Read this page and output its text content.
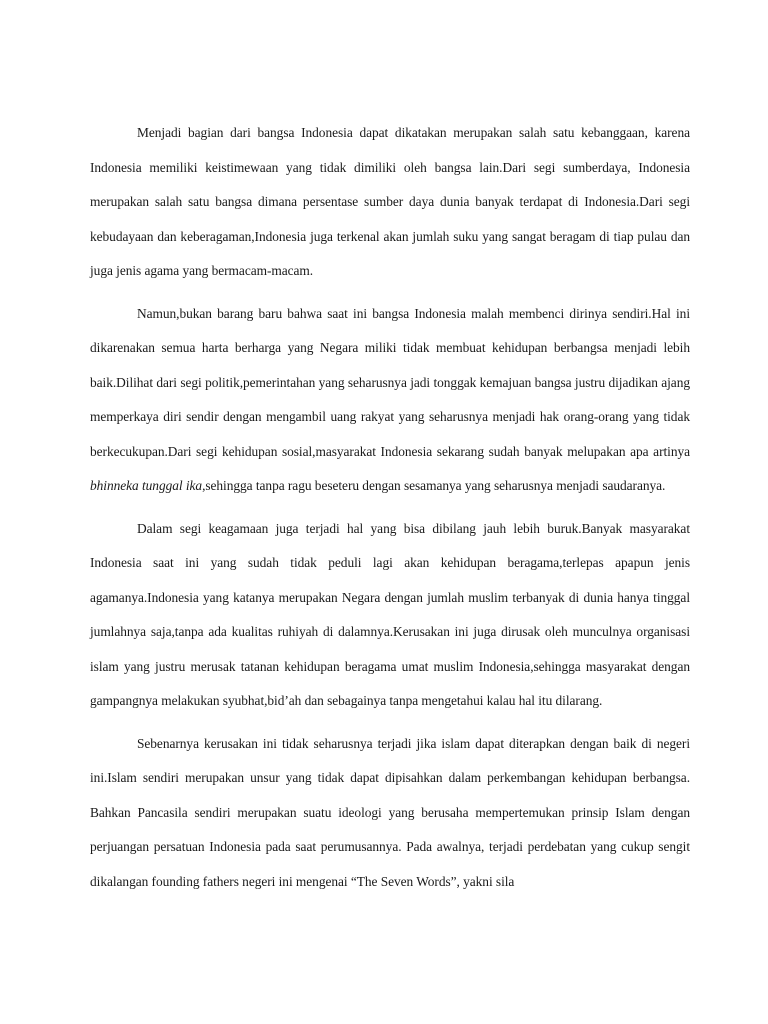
Menjadi bagian dari bangsa Indonesia dapat dikatakan merupakan salah satu kebanggaan, karena Indonesia memiliki keistimewaan yang tidak dimiliki oleh bangsa lain.Dari segi sumberdaya, Indonesia merupakan salah satu bangsa dimana persentase sumber daya dunia banyak terdapat di Indonesia.Dari segi kebudayaan dan keberagaman,Indonesia juga terkenal akan jumlah suku yang sangat beragam di tiap pulau dan juga jenis agama yang bermacam-macam.

Namun,bukan barang baru bahwa saat ini bangsa Indonesia malah membenci dirinya sendiri.Hal ini dikarenakan semua harta berharga yang Negara miliki tidak membuat kehidupan berbangsa menjadi lebih baik.Dilihat dari segi politik,pemerintahan yang seharusnya jadi tonggak kemajuan bangsa justru dijadikan ajang memperkaya diri sendir dengan mengambil uang rakyat yang seharusnya menjadi hak orang-orang yang tidak berkecukupan.Dari segi kehidupan sosial,masyarakat Indonesia sekarang sudah banyak melupakan apa artinya bhinneka tunggal ika,sehingga tanpa ragu beseteru dengan sesamanya yang seharusnya menjadi saudaranya.

Dalam segi keagamaan juga terjadi hal yang bisa dibilang jauh lebih buruk.Banyak masyarakat Indonesia saat ini yang sudah tidak peduli lagi akan kehidupan beragama,terlepas apapun jenis agamanya.Indonesia yang katanya merupakan Negara dengan jumlah muslim terbanyak di dunia hanya tinggal jumlahnya saja,tanpa ada kualitas ruhiyah di dalamnya.Kerusakan ini juga dirusak oleh munculnya organisasi islam yang justru merusak tatanan kehidupan beragama umat muslim Indonesia,sehingga masyarakat dengan gampangnya melakukan syubhat,bid’ah dan sebagainya tanpa mengetahui kalau hal itu dilarang.

Sebenarnya kerusakan ini tidak seharusnya terjadi jika islam dapat diterapkan dengan baik di negeri ini.Islam sendiri merupakan unsur yang tidak dapat dipisahkan dalam perkembangan kehidupan berbangsa. Bahkan Pancasila sendiri merupakan suatu ideologi yang berusaha mempertemukan prinsip Islam dengan perjuangan persatuan Indonesia pada saat perumusannya. Pada awalnya, terjadi perdebatan yang cukup sengit dikalangan founding fathers negeri ini mengenai “The Seven Words”, yakni sila
